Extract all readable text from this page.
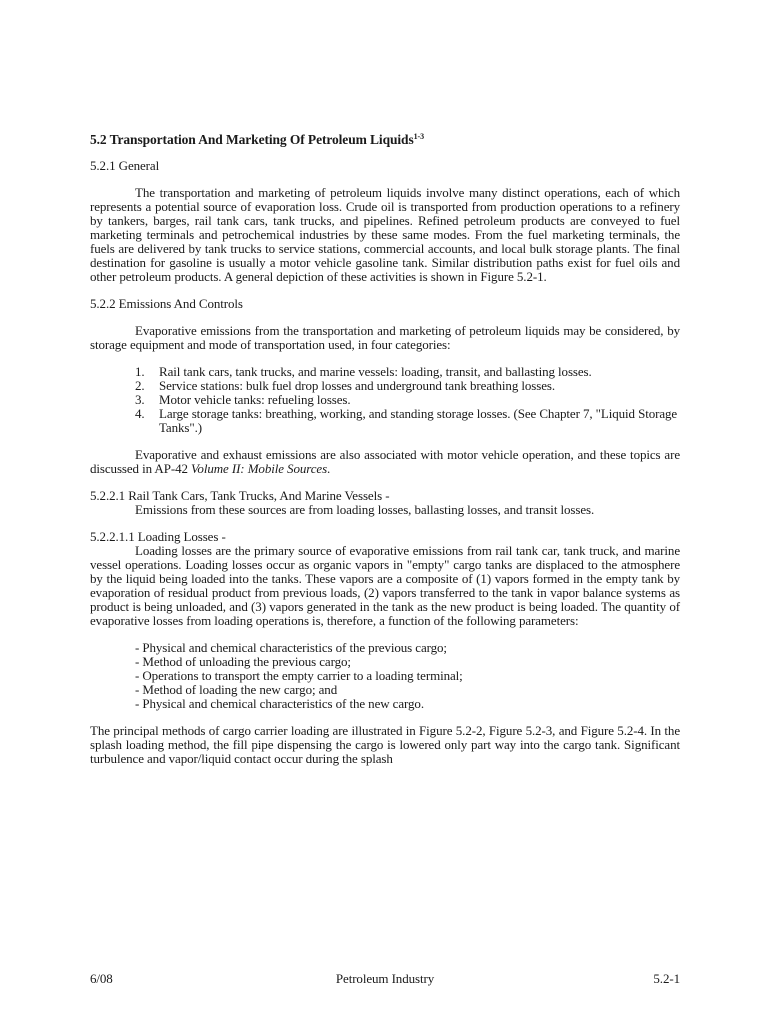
5.2 Transportation And Marketing Of Petroleum Liquids$^{1-3}$
5.2.1 General
The transportation and marketing of petroleum liquids involve many distinct operations, each of which represents a potential source of evaporation loss. Crude oil is transported from production operations to a refinery by tankers, barges, rail tank cars, tank trucks, and pipelines. Refined petroleum products are conveyed to fuel marketing terminals and petrochemical industries by these same modes. From the fuel marketing terminals, the fuels are delivered by tank trucks to service stations, commercial accounts, and local bulk storage plants. The final destination for gasoline is usually a motor vehicle gasoline tank. Similar distribution paths exist for fuel oils and other petroleum products. A general depiction of these activities is shown in Figure 5.2-1.
5.2.2 Emissions And Controls
Evaporative emissions from the transportation and marketing of petroleum liquids may be considered, by storage equipment and mode of transportation used, in four categories:
1. Rail tank cars, tank trucks, and marine vessels: loading, transit, and ballasting losses.
2. Service stations: bulk fuel drop losses and underground tank breathing losses.
3. Motor vehicle tanks: refueling losses.
4. Large storage tanks: breathing, working, and standing storage losses. (See Chapter 7, "Liquid Storage Tanks".)
Evaporative and exhaust emissions are also associated with motor vehicle operation, and these topics are discussed in AP-42 Volume II: Mobile Sources.
5.2.2.1 Rail Tank Cars, Tank Trucks, And Marine Vessels -
Emissions from these sources are from loading losses, ballasting losses, and transit losses.
5.2.2.1.1 Loading Losses -
Loading losses are the primary source of evaporative emissions from rail tank car, tank truck, and marine vessel operations. Loading losses occur as organic vapors in "empty" cargo tanks are displaced to the atmosphere by the liquid being loaded into the tanks. These vapors are a composite of (1) vapors formed in the empty tank by evaporation of residual product from previous loads, (2) vapors transferred to the tank in vapor balance systems as product is being unloaded, and (3) vapors generated in the tank as the new product is being loaded. The quantity of evaporative losses from loading operations is, therefore, a function of the following parameters:
- Physical and chemical characteristics of the previous cargo;
- Method of unloading the previous cargo;
- Operations to transport the empty carrier to a loading terminal;
- Method of loading the new cargo; and
- Physical and chemical characteristics of the new cargo.
The principal methods of cargo carrier loading are illustrated in Figure 5.2-2, Figure 5.2-3, and Figure 5.2-4. In the splash loading method, the fill pipe dispensing the cargo is lowered only part way into the cargo tank. Significant turbulence and vapor/liquid contact occur during the splash
6/08	Petroleum Industry	5.2-1
